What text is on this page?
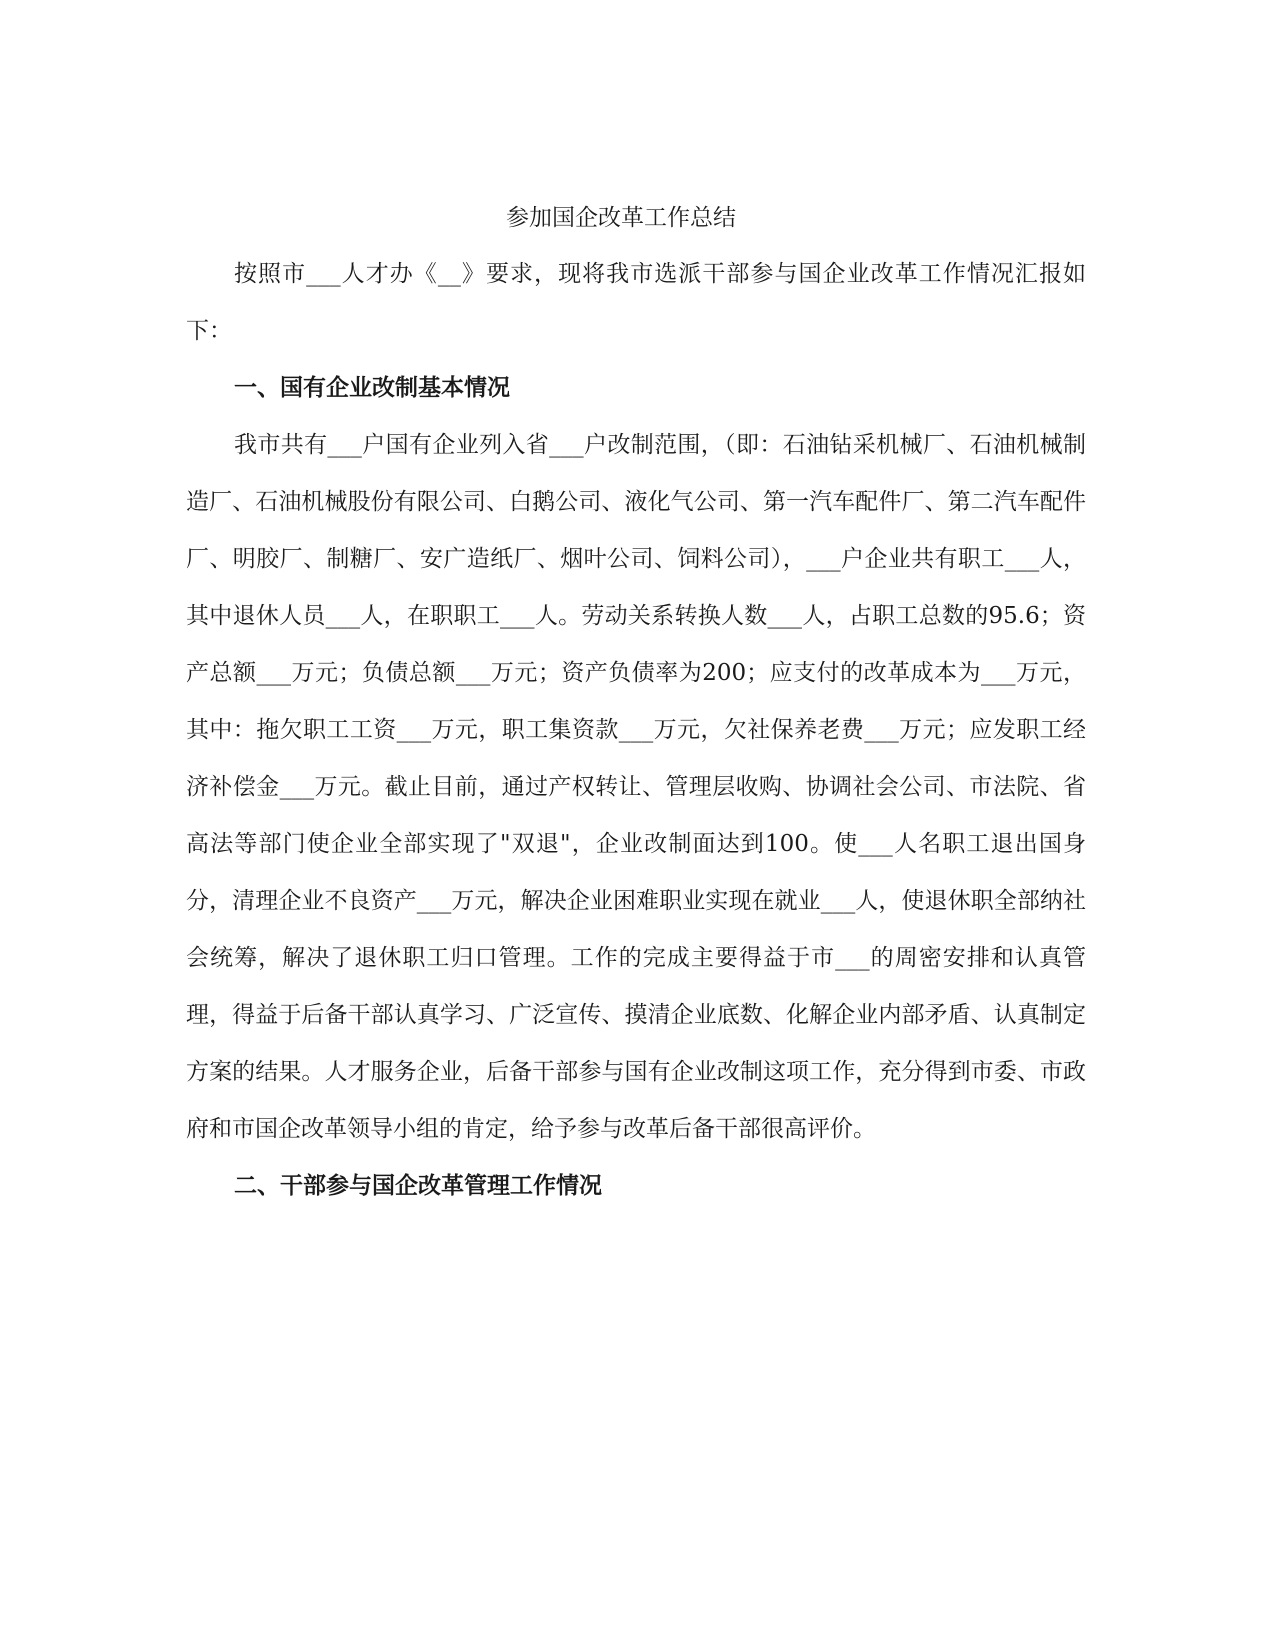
参加国企改革工作总结

按照市___人才办《__》要求，现将我市选派干部参与国企业改革工作情况汇报如下：

一、国有企业改制基本情况

我市共有___户国有企业列入省___户改制范围，（即：石油钻采机械厂、石油机械制造厂、石油机械股份有限公司、白鹅公司、液化气公司、第一汽车配件厂、第二汽车配件厂、明胶厂、制糖厂、安广造纸厂、烟叶公司、饲料公司），___户企业共有职工___人，其中退休人员___人，在职职工___人。劳动关系转换人数___人，占职工总数的95.6；资产总额___万元；负债总额___万元；资产负债率为200；应支付的改革成本为___万元，其中：拖欠职工工资___万元，职工集资款___万元，欠社保养老费___万元；应发职工经济补偿金___万元。截止目前，通过产权转让、管理层收购、协调社会公司、市法院、省高法等部门使企业全部实现了"双退"，企业改制面达到100。使___人名职工退出国身分，清理企业不良资产___万元，解决企业困难职业实现在就业___人，使退休职全部纳社会统筹，解决了退休职工归口管理。工作的完成主要得益于市___的周密安排和认真管理，得益于后备干部认真学习、广泛宣传、摸清企业底数、化解企业内部矛盾、认真制定方案的结果。人才服务企业，后备干部参与国有企业改制这项工作，充分得到市委、市政府和市国企改革领导小组的肯定，给予参与改革后备干部很高评价。

二、干部参与国企改革管理工作情况
